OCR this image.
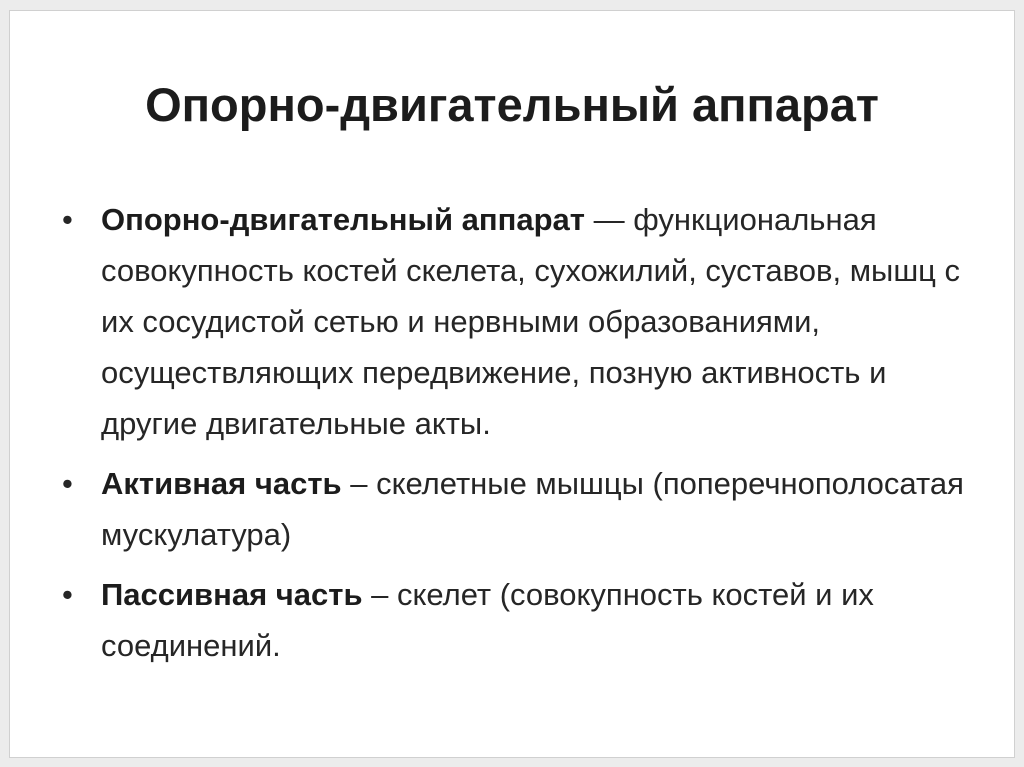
Опорно-двигательный аппарат
• Опорно-двигательный аппарат — функциональная совокупность костей скелета, сухожилий, суставов, мышц с их сосудистой сетью и нервными образованиями, осуществляющих передвижение, позную активность и другие двигательные акты.
• Активная часть – скелетные мышцы (поперечнополосатая мускулатура)
• Пассивная часть – скелет (совокупность костей и их соединений.
